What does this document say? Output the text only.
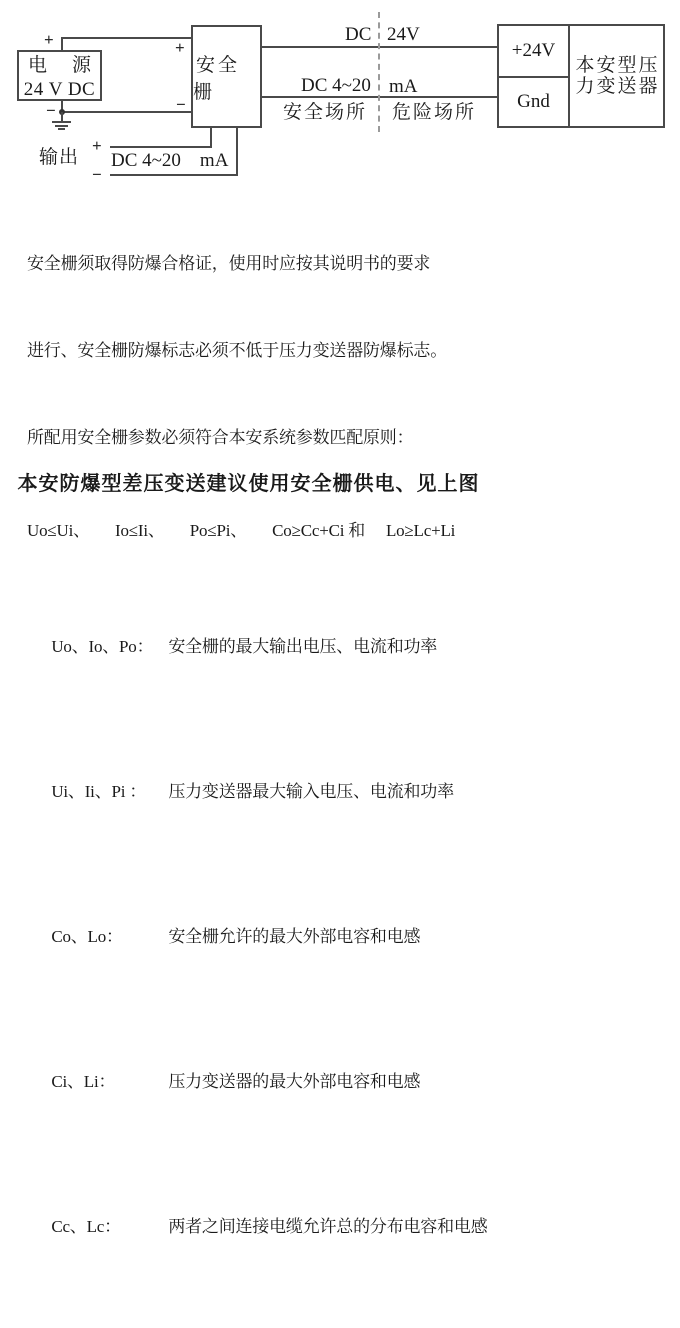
电 源
24 V DC
安全栅
+24V
Gnd
本安型压
力变送器
+
−
+
−
+
−
DC 24V
DC 4~20 mA
安全场所 危险场所
输出 DC 4~20　mA

安全栅须取得防爆合格证，使用时应按其说明书的要求

进行、安全栅防爆标志必须不低于压力变送器防爆标志。

所配用安全栅参数必须符合本安系统参数匹配原则：

Uo≤Ui、　　Io≤Ii、　　Po≤Pi、　　Co≥Cc+Ci 和　 Lo≥Lc+Li

Uo、Io、Po： 安全栅的最大输出电压、电流和功率

Ui、Ii、Pi ： 压力变送器最大输入电压、电流和功率

Co、Lo：	安全栅允许的最大外部电容和电感

Ci、Li：	压力变送器的最大外部电容和电感

Cc、Lc：	两者之间连接电缆允许总的分布电容和电感

本安防爆型差压变送建议使用安全栅供电、见上图
